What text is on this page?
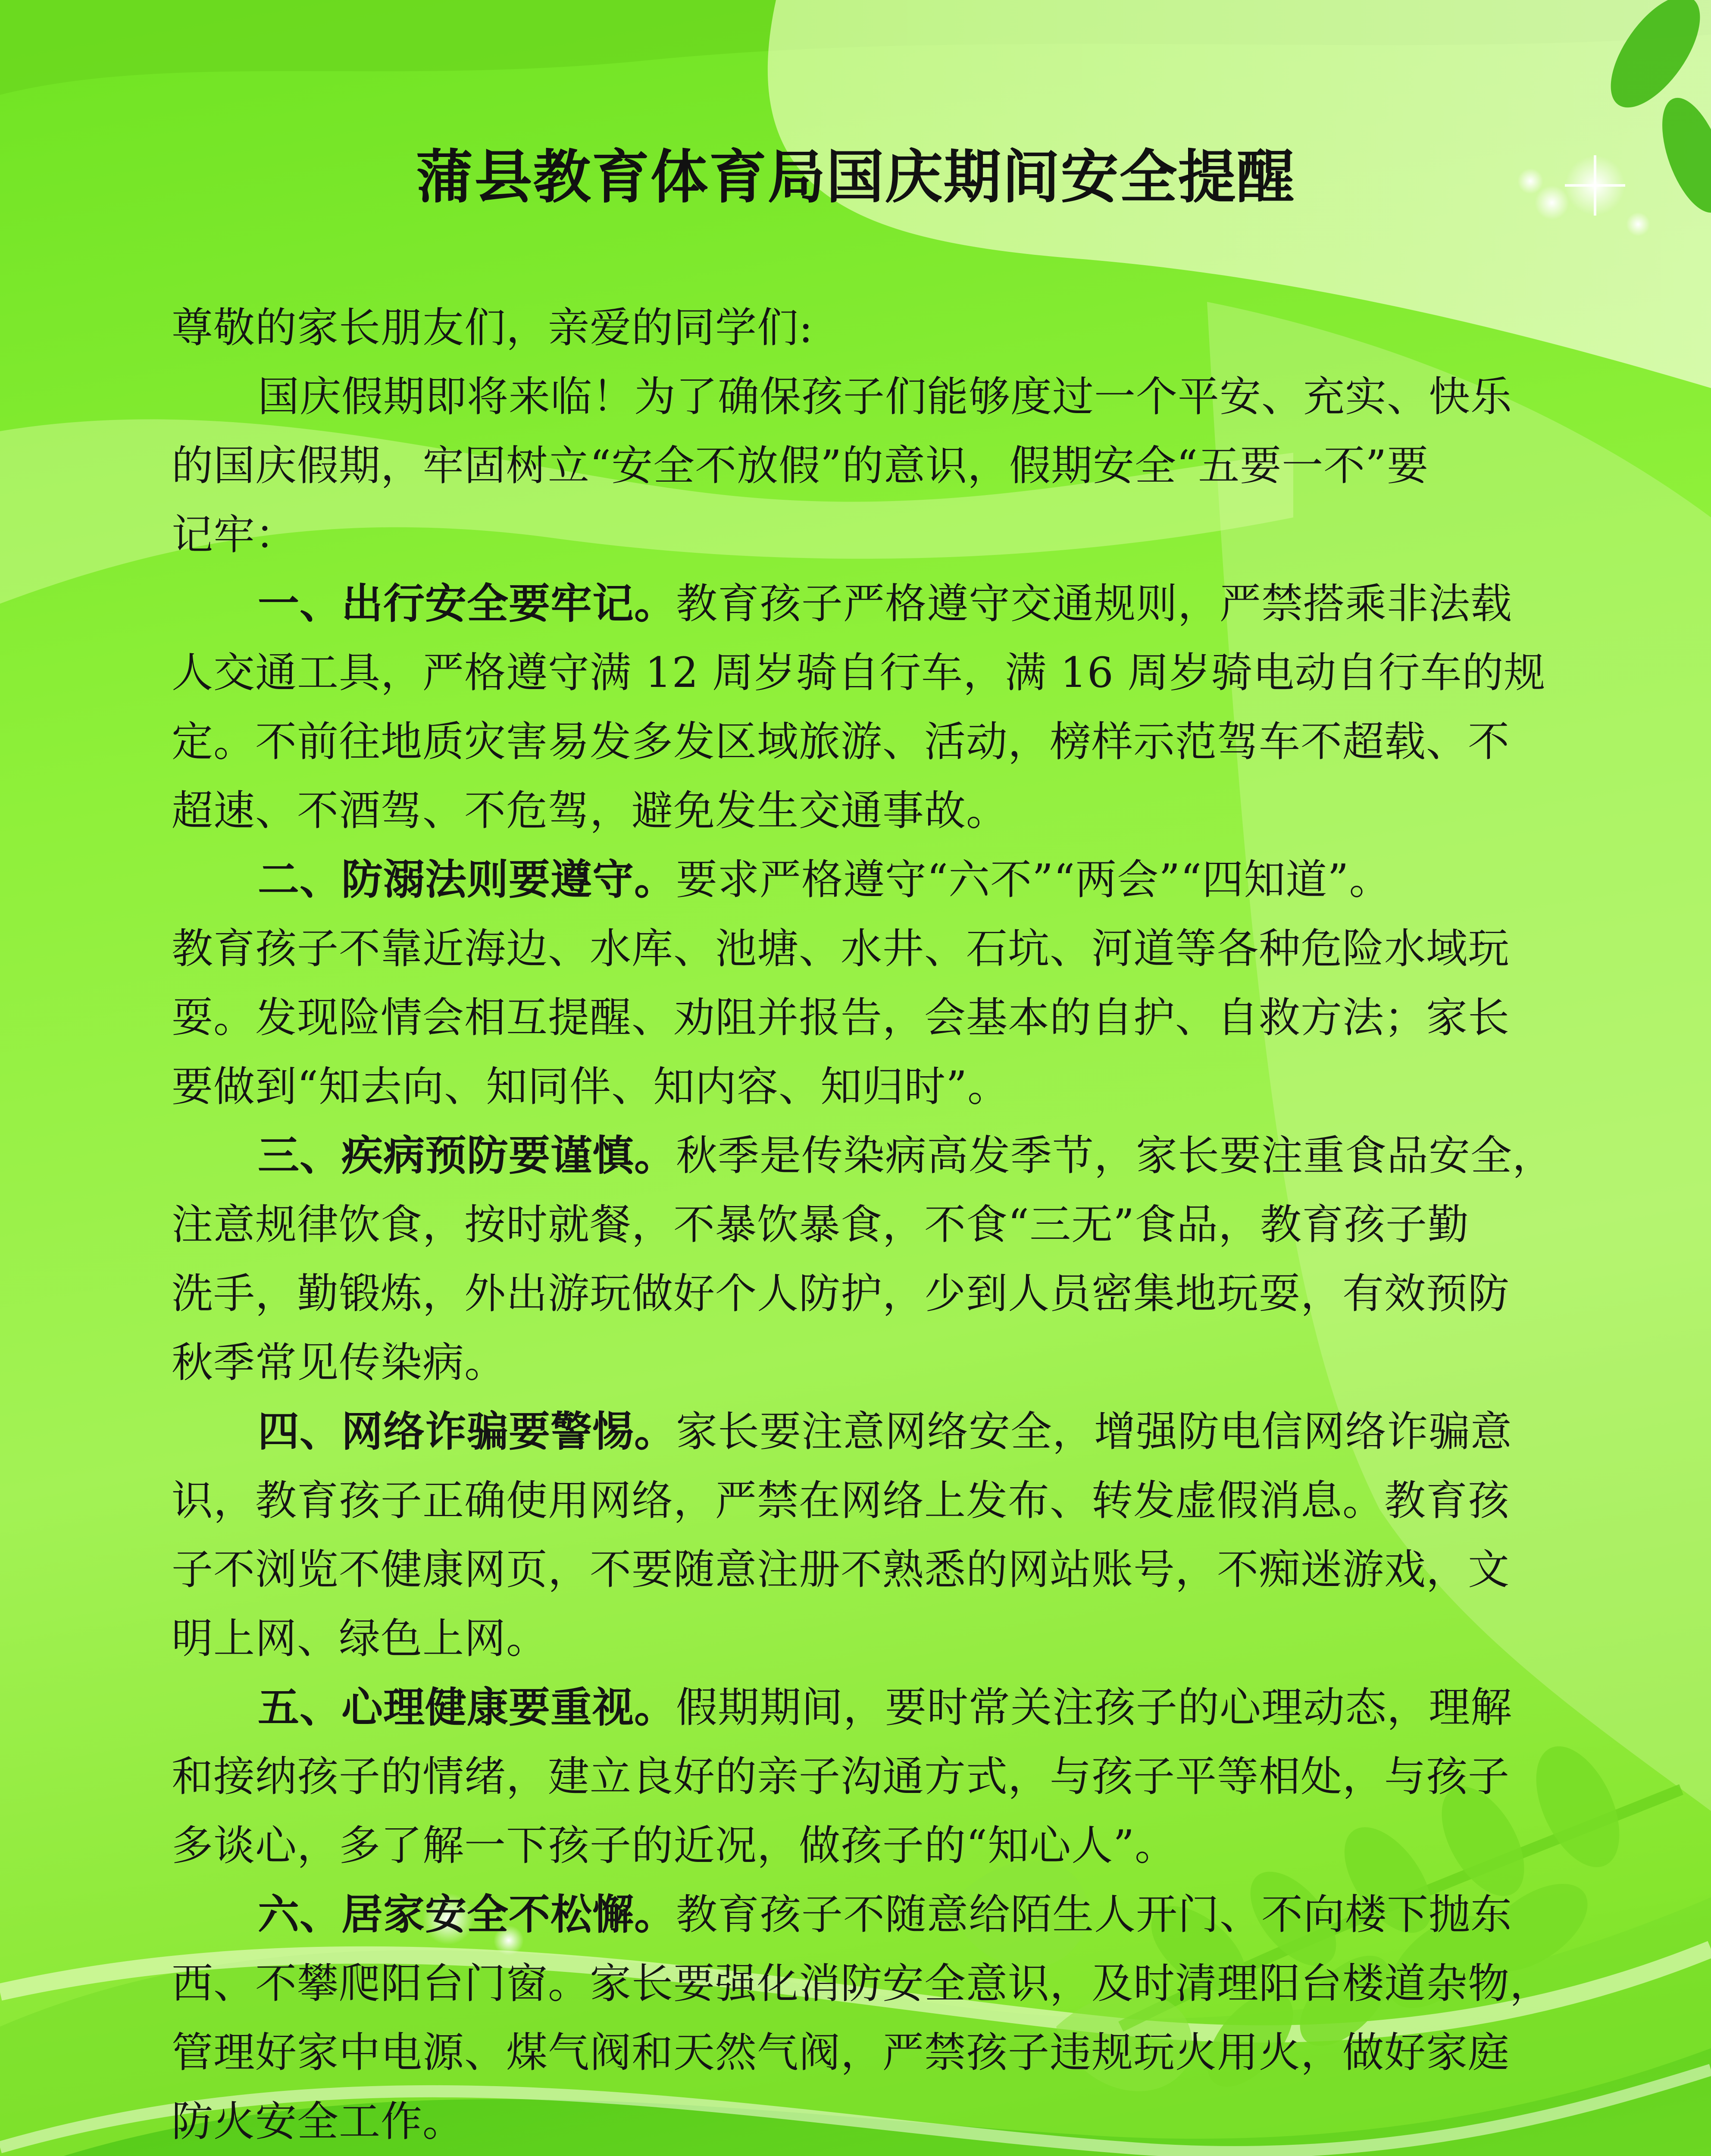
蒲县教育体育局国庆期间安全提醒
尊敬的家长朋友们，亲爱的同学们:
国庆假期即将来临！为了确保孩子们能够度过一个平安、充实、快乐
的国庆假期，牢固树立“安全不放假”的意识，假期安全“五要一不”要
记牢：
一、出行安全要牢记。教育孩子严格遵守交通规则，严禁搭乘非法载
人交通工具，严格遵守满 12 周岁骑自行车，满 16 周岁骑电动自行车的规
定。不前往地质灾害易发多发区域旅游、活动，榜样示范驾车不超载、不
超速、不酒驾、不危驾，避免发生交通事故。
二、防溺法则要遵守。要求严格遵守“六不”“两会”“四知道”。
教育孩子不靠近海边、水库、池塘、水井、石坑、河道等各种危险水域玩
耍。发现险情会相互提醒、劝阻并报告，会基本的自护、自救方法；家长
要做到“知去向、知同伴、知内容、知归时”。
三、疾病预防要谨慎。秋季是传染病高发季节，家长要注重食品安全，
注意规律饮食，按时就餐，不暴饮暴食，不食“三无”食品，教育孩子勤
洗手，勤锻炼，外出游玩做好个人防护，少到人员密集地玩耍，有效预防
秋季常见传染病。
四、网络诈骗要警惕。家长要注意网络安全，增强防电信网络诈骗意
识，教育孩子正确使用网络，严禁在网络上发布、转发虚假消息。教育孩
子不浏览不健康网页，不要随意注册不熟悉的网站账号，不痴迷游戏，文
明上网、绿色上网。
五、心理健康要重视。假期期间，要时常关注孩子的心理动态，理解
和接纳孩子的情绪，建立良好的亲子沟通方式，与孩子平等相处，与孩子
多谈心，多了解一下孩子的近况，做孩子的“知心人”。
六、居家安全不松懈。教育孩子不随意给陌生人开门、不向楼下抛东
西、不攀爬阳台门窗。家长要强化消防安全意识，及时清理阳台楼道杂物，
管理好家中电源、煤气阀和天然气阀，严禁孩子违规玩火用火，做好家庭
防火安全工作。
